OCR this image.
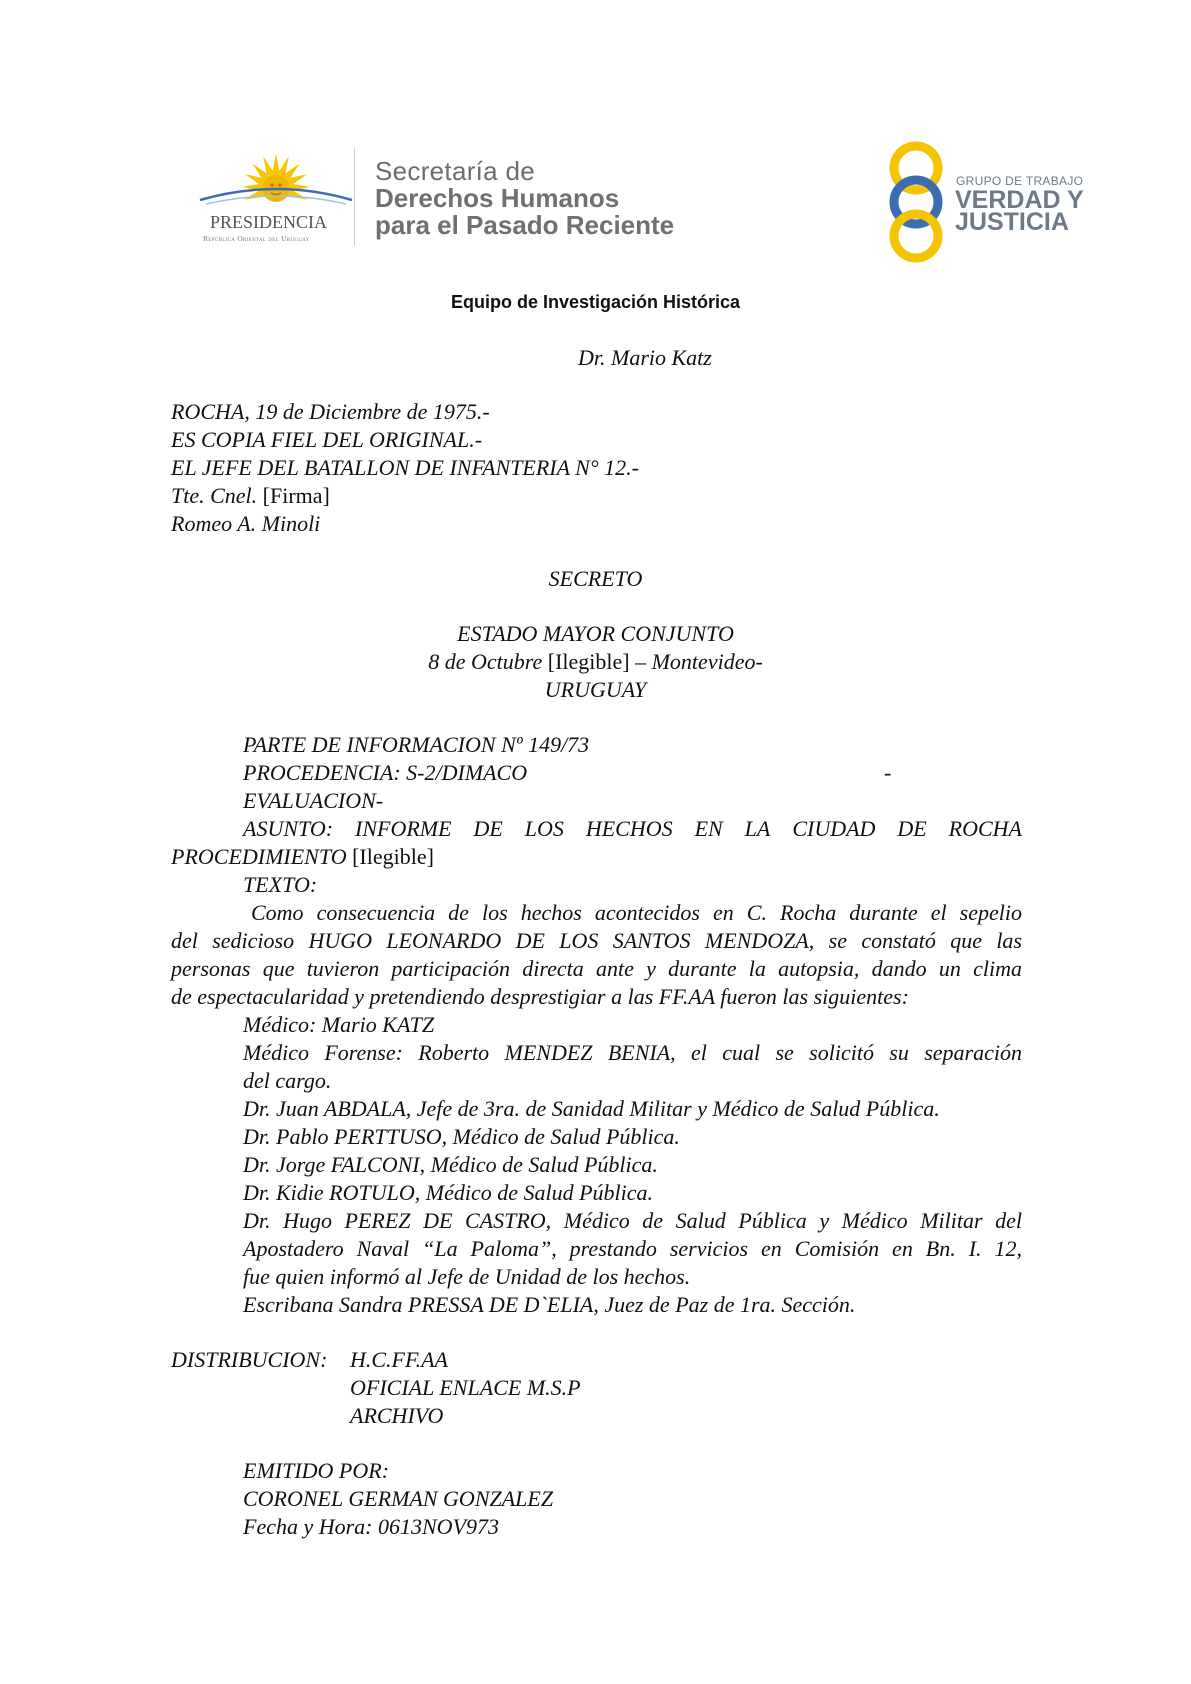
PRESIDENCIA
República Oriental del Uruguay
Secretaría de
Derechos Humanos
para el Pasado Reciente
GRUPO DE TRABAJO
VERDAD Y
JUSTICIA
Equipo de Investigación Histórica
Dr. Mario Katz
ROCHA, 19 de Diciembre de 1975.-
ES COPIA FIEL DEL ORIGINAL.-
EL JEFE DEL BATALLON DE INFANTERIA N° 12.-
Tte. Cnel. [Firma]
Romeo A. Minoli
SECRETO
ESTADO MAYOR CONJUNTO
8 de Octubre [Ilegible] – Montevideo-
URUGUAY
PARTE DE INFORMACION Nº 149/73
PROCEDENCIA: S-2/DIMACO	-
EVALUACION-
ASUNTO: INFORME DE LOS HECHOS EN LA CIUDAD DE ROCHA
PROCEDIMIENTO [Ilegible]
TEXTO:
Como consecuencia de los hechos acontecidos en C. Rocha durante el sepelio
del sedicioso HUGO LEONARDO DE LOS SANTOS MENDOZA, se constató que las
personas que tuvieron participación directa ante y durante la autopsia, dando un clima
de espectacularidad y pretendiendo desprestigiar a las FF.AA fueron las siguientes:
Médico: Mario KATZ
Médico Forense: Roberto MENDEZ BENIA, el cual se solicitó su separación
del cargo.
Dr. Juan ABDALA, Jefe de 3ra. de Sanidad Militar y Médico de Salud Pública.
Dr. Pablo PERTTUSO, Médico de Salud Pública.
Dr. Jorge FALCONI, Médico de Salud Pública.
Dr. Kidie ROTULO, Médico de Salud Pública.
Dr. Hugo PEREZ DE CASTRO, Médico de Salud Pública y Médico Militar del
Apostadero Naval “La Paloma”, prestando servicios en Comisión en Bn. I. 12,
fue quien informó al Jefe de Unidad de los hechos.
Escribana Sandra PRESSA DE D`ELIA, Juez de Paz de 1ra. Sección.
DISTRIBUCION: H.C.FF.AA
OFICIAL ENLACE M.S.P
ARCHIVO
EMITIDO POR:
CORONEL GERMAN GONZALEZ
Fecha y Hora: 0613NOV973
